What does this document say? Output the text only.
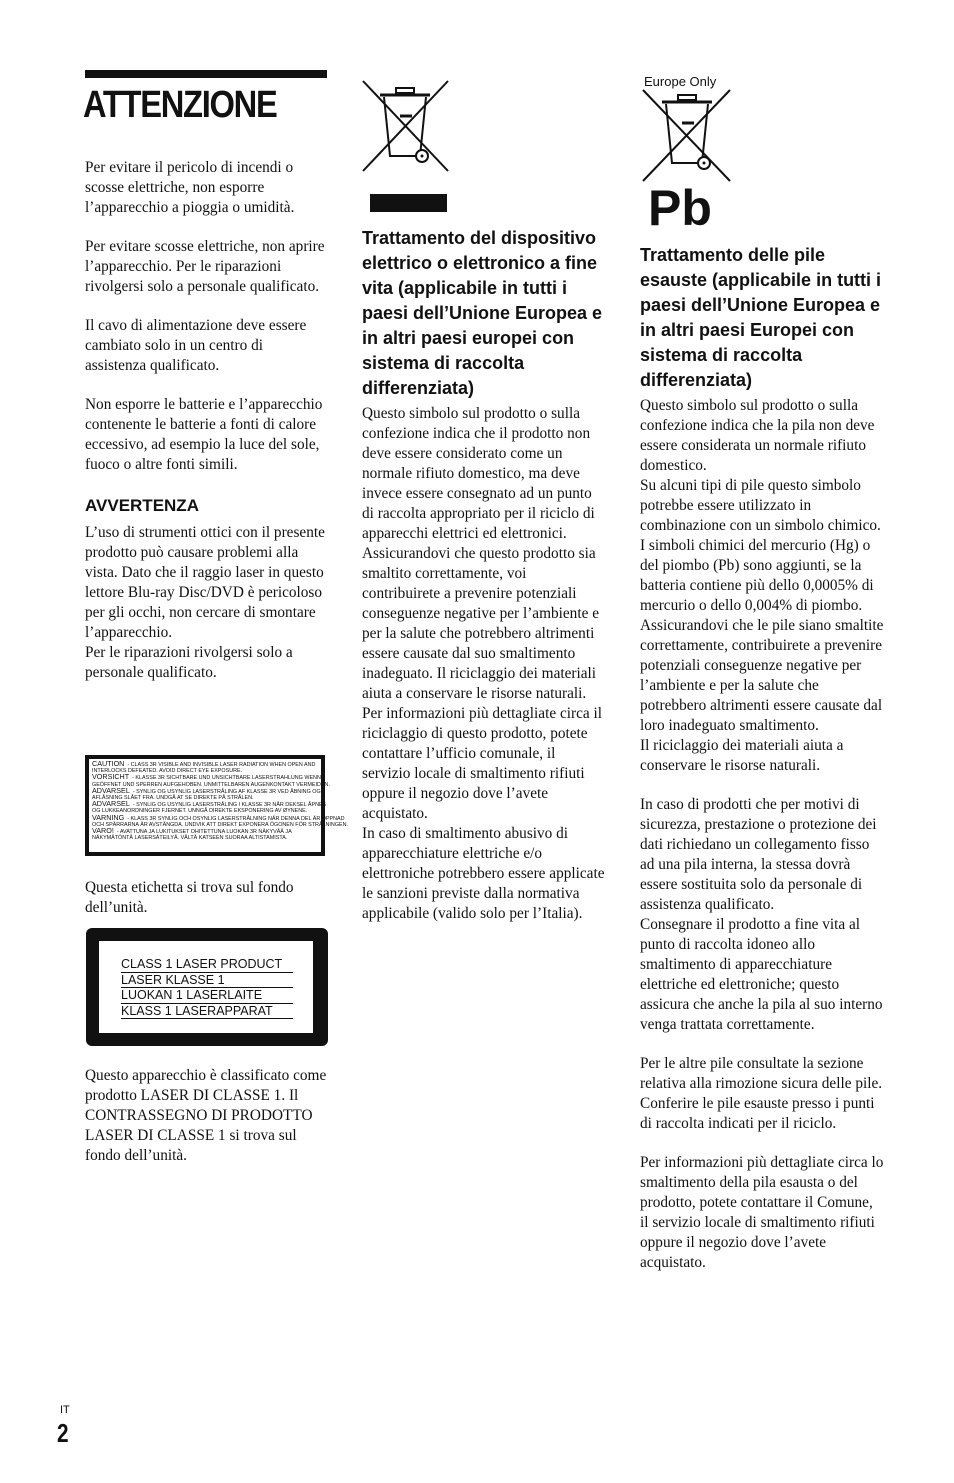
ATTENZIONE

Per evitare il pericolo di incendi o scosse elettriche, non esporre l’apparecchio a pioggia o umidità.

Per evitare scosse elettriche, non aprire l’apparecchio. Per le riparazioni rivolgersi solo a personale qualificato.

Il cavo di alimentazione deve essere cambiato solo in un centro di assistenza qualificato.

Non esporre le batterie e l’apparecchio contenente le batterie a fonti di calore eccessivo, ad esempio la luce del sole, fuoco o altre fonti simili.

AVVERTENZA

L’uso di strumenti ottici con il presente prodotto può causare problemi alla vista. Dato che il raggio laser in questo lettore Blu-ray Disc/DVD è pericoloso per gli occhi, non cercare di smontare l’apparecchio.

Per le riparazioni rivolgersi solo a personale qualificato.

CAUTION - CLASS 3R VISIBLE AND INVISIBLE LASER RADIATION WHEN OPEN AND
INTERLOCKS DEFEATED. AVOID DIRECT EYE EXPOSURE.
VORSICHT - KLASSE 3R SICHTBARE UND UNSICHTBARE LASERSTRAHLUNG WENN
GEÖFFNET UND SPERREN AUFGEHOBEN. UNMITTELBAREN AUGENKONTAKT VERMEIDEN.
ADVARSEL - SYNLIG OG USYNLIG LASERSTRÅLING AF KLASSE 3R VED ÅBNING OG
AFLÅSNING SLÅET FRA. UNDGÅ AT SE DIREKTE PÅ STRÅLEN.
ADVARSEL - SYNLIG OG USYNLIG LASERSTRÅLING I KLASSE 3R NÅR DEKSEL ÅPNES
OG LUKKEANORDNINGER FJERNET. UNNGÅ DIREKTE EKSPONERING AV ØYNENE.
VARNING - KLASS 3R SYNLIG OCH OSYNLIG LASERSTRÅLNING NÄR DENNA DEL ÄR ÖPPNAD
OCH SPÄRRARNA ÄR AVSTÄNGDA. UNDVIK ATT DIREKT EXPONERA ÖGONEN FÖR STRÅLNINGEN.
VARO! - AVATTUNA JA LUKITUKSET OHITETTUNA LUOKAN 3R NÄKYVÄÄ JA
NÄKYMÄTÖNTÄ LASERSÄTEILYÄ. VÄLTÄ KATSEEN SUORAA ALTISTAMISTA.

Questa etichetta si trova sul fondo dell’unità.

CLASS 1 LASER PRODUCT
LASER KLASSE 1
LUOKAN 1 LASERLAITE
KLASS 1 LASERAPPARAT

Questo apparecchio è classificato come prodotto LASER DI CLASSE 1. Il CONTRASSEGNO DI PRODOTTO LASER DI CLASSE 1 si trova sul fondo dell’unità.

Trattamento del dispositivo elettrico o elettronico a fine vita (applicabile in tutti i paesi dell’Unione Europea e in altri paesi europei con sistema di raccolta differenziata)

Questo simbolo sul prodotto o sulla confezione indica che il prodotto non deve essere considerato come un normale rifiuto domestico, ma deve invece essere consegnato ad un punto di raccolta appropriato per il riciclo di apparecchi elettrici ed elettronici. Assicurandovi che questo prodotto sia smaltito correttamente, voi contribuirete a prevenire potenziali conseguenze negative per l’ambiente e per la salute che potrebbero altrimenti essere causate dal suo smaltimento inadeguato. Il riciclaggio dei materiali aiuta a conservare le risorse naturali. Per informazioni più dettagliate circa il riciclaggio di questo prodotto, potete contattare l’ufficio comunale, il servizio locale di smaltimento rifiuti oppure il negozio dove l’avete acquistato.

In caso di smaltimento abusivo di apparecchiature elettriche e/o elettroniche potrebbero essere applicate le sanzioni previste dalla normativa applicabile (valido solo per l’Italia).

Europe Only
Pb
Trattamento delle pile esauste (applicabile in tutti i paesi dell’Unione Europea e in altri paesi Europei con sistema di raccolta differenziata)

Questo simbolo sul prodotto o sulla confezione indica che la pila non deve essere considerata un normale rifiuto domestico.

Su alcuni tipi di pile questo simbolo potrebbe essere utilizzato in combinazione con un simbolo chimico. I simboli chimici del mercurio (Hg) o del piombo (Pb) sono aggiunti, se la batteria contiene più dello 0,0005% di mercurio o dello 0,004% di piombo.

Assicurandovi che le pile siano smaltite correttamente, contribuirete a prevenire potenziali conseguenze negative per l’ambiente e per la salute che potrebbero altrimenti essere causate dal loro inadeguato smaltimento.

Il riciclaggio dei materiali aiuta a conservare le risorse naturali.

In caso di prodotti che per motivi di sicurezza, prestazione o protezione dei dati richiedano un collegamento fisso ad una pila interna, la stessa dovrà essere sostituita solo da personale di assistenza qualificato.

Consegnare il prodotto a fine vita al punto di raccolta idoneo allo smaltimento di apparecchiature elettriche ed elettroniche; questo assicura che anche la pila al suo interno venga trattata correttamente.

Per le altre pile consultate la sezione relativa alla rimozione sicura delle pile. Conferire le pile esauste presso i punti di raccolta indicati per il riciclo.

Per informazioni più dettagliate circa lo smaltimento della pila esausta o del prodotto, potete contattare il Comune, il servizio locale di smaltimento rifiuti oppure il negozio dove l’avete acquistato.

IT
2
